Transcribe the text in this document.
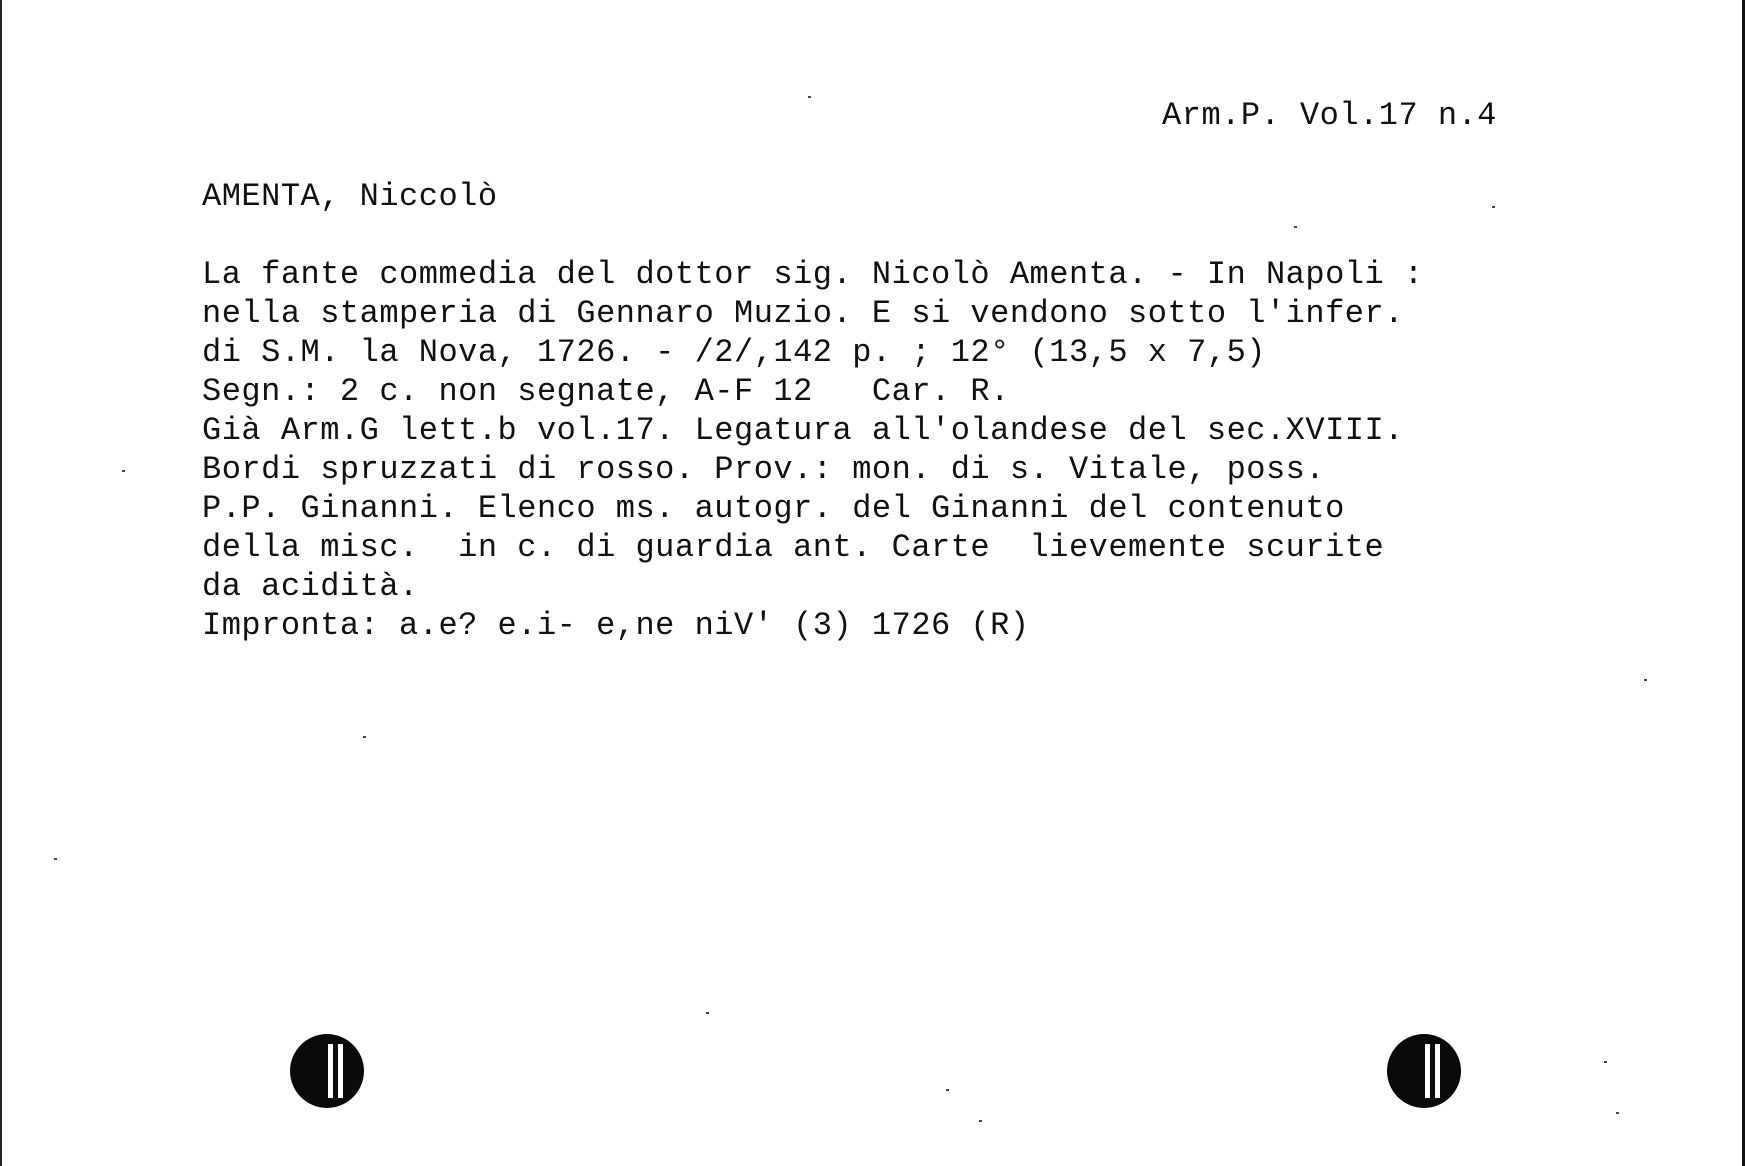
Arm.P. Vol.17 n.4
AMENTA, Niccolò
La fante commedia del dottor sig. Nicolò Amenta. - In Napoli :
nella stamperia di Gennaro Muzio. E si vendono sotto l'infer.
di S.M. la Nova, 1726. - /2/,142 p. ; 12° (13,5 x 7,5)
Segn.: 2 c. non segnate, A-F 12   Car. R.
Già Arm.G lett.b vol.17. Legatura all'olandese del sec.XVIII.
Bordi spruzzati di rosso. Prov.: mon. di s. Vitale, poss.
P.P. Ginanni. Elenco ms. autogr. del Ginanni del contenuto
della misc.  in c. di guardia ant. Carte  lievemente scurite
da acidità.
Impronta: a.e? e.i- e,ne niV' (3) 1726 (R)
